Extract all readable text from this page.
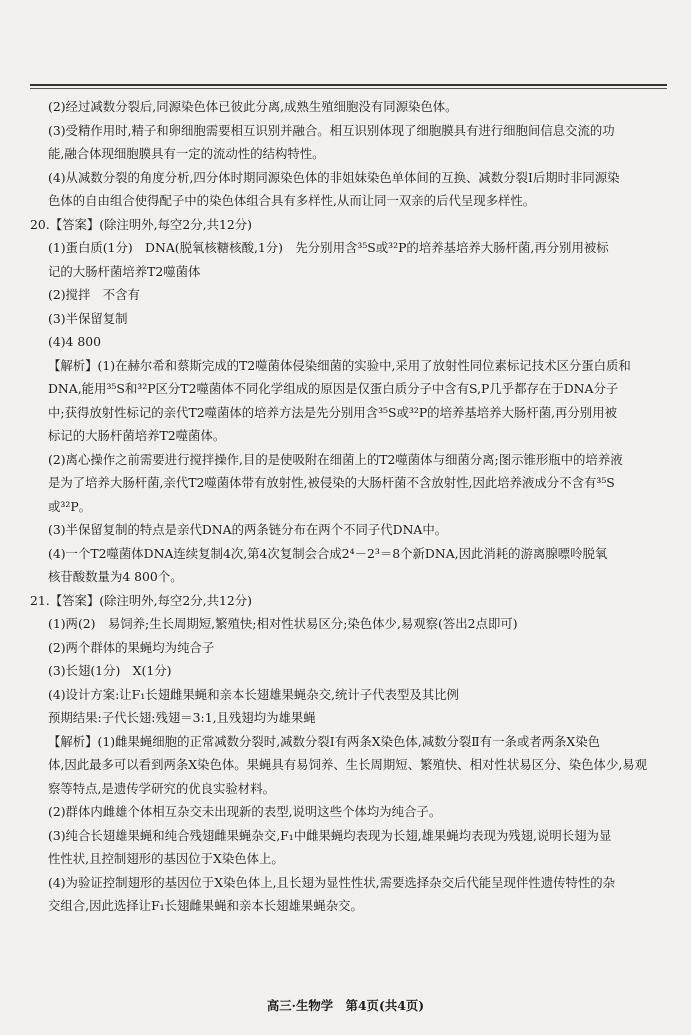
(2)经过减数分裂后,同源染色体已彼此分离,成熟生殖细胞没有同源染色体。
(3)受精作用时,精子和卵细胞需要相互识别并融合。相互识别体现了细胞膜具有进行细胞间信息交流的功
能,融合体现细胞膜具有一定的流动性的结构特性。
(4)从减数分裂的角度分析,四分体时期同源染色体的非姐妹染色单体间的互换、减数分裂Ⅰ后期时非同源染
色体的自由组合使得配子中的染色体组合具有多样性,从而让同一双亲的后代呈现多样性。
20.【答案】(除注明外,每空2分,共12分)
(1)蛋白质(1分)　DNA(脱氧核糖核酸,1分)　先分别用含³⁵S或³²P的培养基培养大肠杆菌,再分别用被标
记的大肠杆菌培养T2噬菌体
(2)搅拌　不含有
(3)半保留复制
(4)4 800
【解析】(1)在赫尔希和蔡斯完成的T2噬菌体侵染细菌的实验中,采用了放射性同位素标记技术区分蛋白质和
DNA,能用³⁵S和³²P区分T2噬菌体不同化学组成的原因是仅蛋白质分子中含有S,P几乎都存在于DNA分子
中;获得放射性标记的亲代T2噬菌体的培养方法是先分别用含³⁵S或³²P的培养基培养大肠杆菌,再分别用被
标记的大肠杆菌培养T2噬菌体。
(2)离心操作之前需要进行搅拌操作,目的是使吸附在细菌上的T2噬菌体与细菌分离;图示锥形瓶中的培养液
是为了培养大肠杆菌,亲代T2噬菌体带有放射性,被侵染的大肠杆菌不含放射性,因此培养液成分不含有³⁵S
或³²P。
(3)半保留复制的特点是亲代DNA的两条链分布在两个不同子代DNA中。
(4)一个T2噬菌体DNA连续复制4次,第4次复制会合成2⁴－2³＝8个新DNA,因此消耗的游离腺嘌呤脱氧
核苷酸数量为4 800个。
21.【答案】(除注明外,每空2分,共12分)
(1)两(2)　易饲养;生长周期短,繁殖快;相对性状易区分;染色体少,易观察(答出2点即可)
(2)两个群体的果蝇均为纯合子
(3)长翅(1分)　X(1分)
(4)设计方案:让F₁长翅雌果蝇和亲本长翅雄果蝇杂交,统计子代表型及其比例
预期结果:子代长翅:残翅＝3:1,且残翅均为雄果蝇
【解析】(1)雌果蝇细胞的正常减数分裂时,减数分裂Ⅰ有两条X染色体,减数分裂Ⅱ有一条或者两条X染色
体,因此最多可以看到两条X染色体。果蝇具有易饲养、生长周期短、繁殖快、相对性状易区分、染色体少,易观
察等特点,是遗传学研究的优良实验材料。
(2)群体内雌雄个体相互杂交未出现新的表型,说明这些个体均为纯合子。
(3)纯合长翅雄果蝇和纯合残翅雌果蝇杂交,F₁中雌果蝇均表现为长翅,雄果蝇均表现为残翅,说明长翅为显
性性状,且控制翅形的基因位于X染色体上。
(4)为验证控制翅形的基因位于X染色体上,且长翅为显性性状,需要选择杂交后代能呈现伴性遗传特性的杂
交组合,因此选择让F₁长翅雌果蝇和亲本长翅雄果蝇杂交。
高三·生物学　第4页(共4页)
